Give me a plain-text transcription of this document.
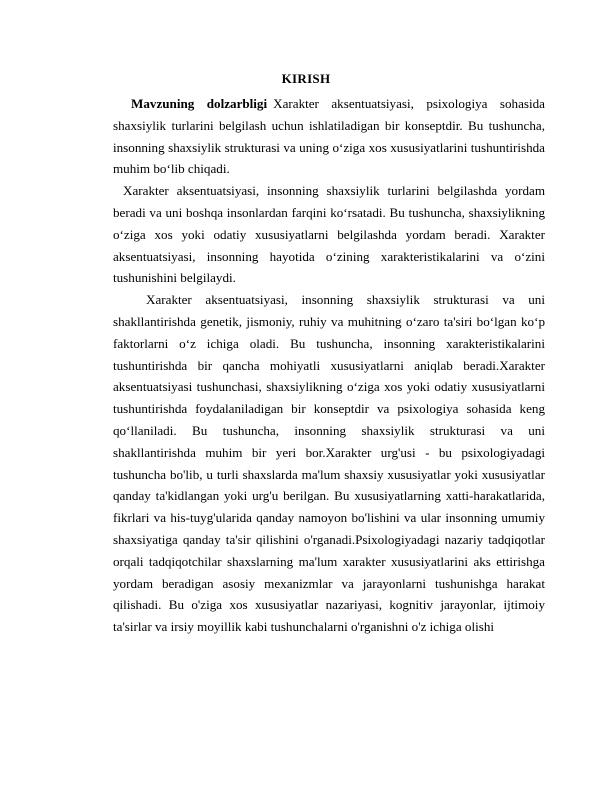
KIRISH

Mavzuning dolzarbligi Xarakter aksentuatsiyasi, psixologiya sohasida shaxsiylik turlarini belgilash uchun ishlatiladigan bir konseptdir. Bu tushuncha, insonning shaxsiylik strukturasi va uning o‘ziga xos xususiyatlarini tushuntirishda muhim bo‘lib chiqadi.

Xarakter aksentuatsiyasi, insonning shaxsiylik turlarini belgilashda yordam beradi va uni boshqa insonlardan farqini ko‘rsatadi. Bu tushuncha, shaxsiylikning o‘ziga xos yoki odatiy xususiyatlarni belgilashda yordam beradi. Xarakter aksentuatsiyasi, insonning hayotida o‘zining xarakteristikalarini va o‘zini tushunishini belgilaydi.

Xarakter aksentuatsiyasi, insonning shaxsiylik strukturasi va uni shakllantirishda genetik, jismoniy, ruhiy va muhitning o‘zaro ta'siri bo‘lgan ko‘p faktorlarni o‘z ichiga oladi. Bu tushuncha, insonning xarakteristikalarini tushuntirishda bir qancha mohiyatli xususiyatlarni aniqlab beradi.Xarakter aksentuatsiyasi tushunchasi, shaxsiylikning o‘ziga xos yoki odatiy xususiyatlarni tushuntirishda foydalaniladigan bir konseptdir va psixologiya sohasida keng qo‘llaniladi. Bu tushuncha, insonning shaxsiylik strukturasi va uni shakllantirishda muhim bir yeri bor.Xarakter urg'usi - bu psixologiyadagi tushuncha bo'lib, u turli shaxslarda ma'lum shaxsiy xususiyatlar yoki xususiyatlar qanday ta'kidlangan yoki urg'u berilgan. Bu xususiyatlarning xatti-harakatlarida, fikrlari va his-tuyg'ularida qanday namoyon bo'lishini va ular insonning umumiy shaxsiyatiga qanday ta'sir qilishini o'rganadi.Psixologiyadagi nazariy tadqiqotlar orqali tadqiqotchilar shaxslarning ma'lum xarakter xususiyatlarini aks ettirishga yordam beradigan asosiy mexanizmlar va jarayonlarni tushunishga harakat qilishadi. Bu o'ziga xos xususiyatlar nazariyasi, kognitiv jarayonlar, ijtimoiy ta'sirlar va irsiy moyillik kabi tushunchalarni o'rganishni o'z ichiga olishi
